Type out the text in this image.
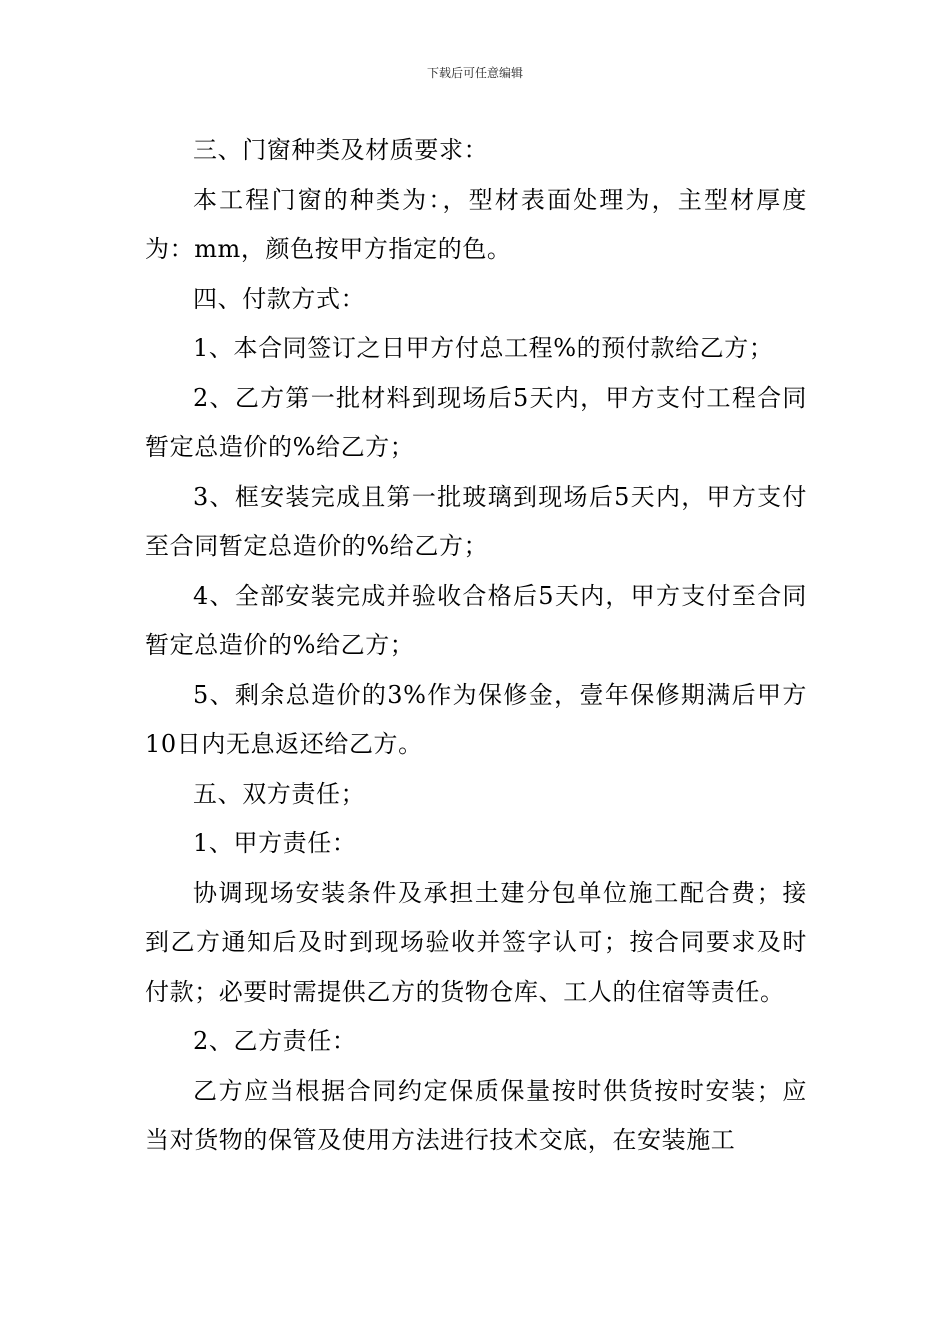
下载后可任意编辑

三、门窗种类及材质要求：

本工程门窗的种类为：，型材表面处理为，主型材厚度为：mm，颜色按甲方指定的色。

四、付款方式：

1、本合同签订之日甲方付总工程%的预付款给乙方；

2、乙方第一批材料到现场后5天内，甲方支付工程合同暂定总造价的%给乙方；

3、框安装完成且第一批玻璃到现场后5天内，甲方支付至合同暂定总造价的%给乙方；

4、全部安装完成并验收合格后5天内，甲方支付至合同暂定总造价的%给乙方；

5、剩余总造价的3%作为保修金，壹年保修期满后甲方10日内无息返还给乙方。

五、双方责任；

1、甲方责任：

协调现场安装条件及承担土建分包单位施工配合费；接到乙方通知后及时到现场验收并签字认可；按合同要求及时付款；必要时需提供乙方的货物仓库、工人的住宿等责任。

2、乙方责任：

乙方应当根据合同约定保质保量按时供货按时安装；应当对货物的保管及使用方法进行技术交底，在安装施工
